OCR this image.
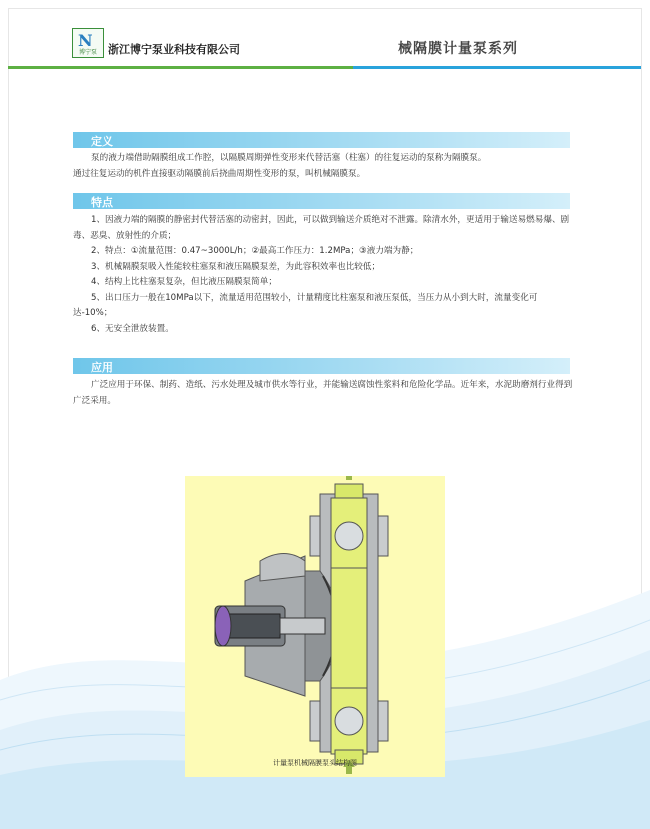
N
博宁泵	浙江博宁泵业科技有限公司	械隔膜计量泵系列
定义

泵的液力端借助隔膜组成工作腔，以隔膜周期弹性变形来代替活塞（柱塞）的往复运动的泵称为隔膜泵。

通过往复运动的机件直接驱动隔膜前后挠曲周期性变形的泵，叫机械隔膜泵。

特点

1、因液力端的隔膜的静密封代替活塞的动密封，因此，可以做到输送介质绝对不泄露。除清水外，更适用于输送易燃易爆、剧毒、恶臭、放射性的介质；

2、特点：①流量范围：0.47~3000L/h；②最高工作压力：1.2MPa；③液力端为静；

3、机械隔膜泵吸入性能较柱塞泵和液压隔膜泵差，为此容积效率也比较低；

4、结构上比柱塞泵复杂，但比液压隔膜泵简单；

5、出口压力一般在10MPa以下，流量适用范围较小，计量精度比柱塞泵和液压泵低，当压力从小到大时，流量变化可达-10%；

6、无安全泄放装置。

应用

广泛应用于环保、制药、造纸、污水处理及城市供水等行业，并能输送腐蚀性浆料和危险化学品。近年来，水泥助磨剂行业得到广泛采用。

计量泵机械隔膜泵头结构图
